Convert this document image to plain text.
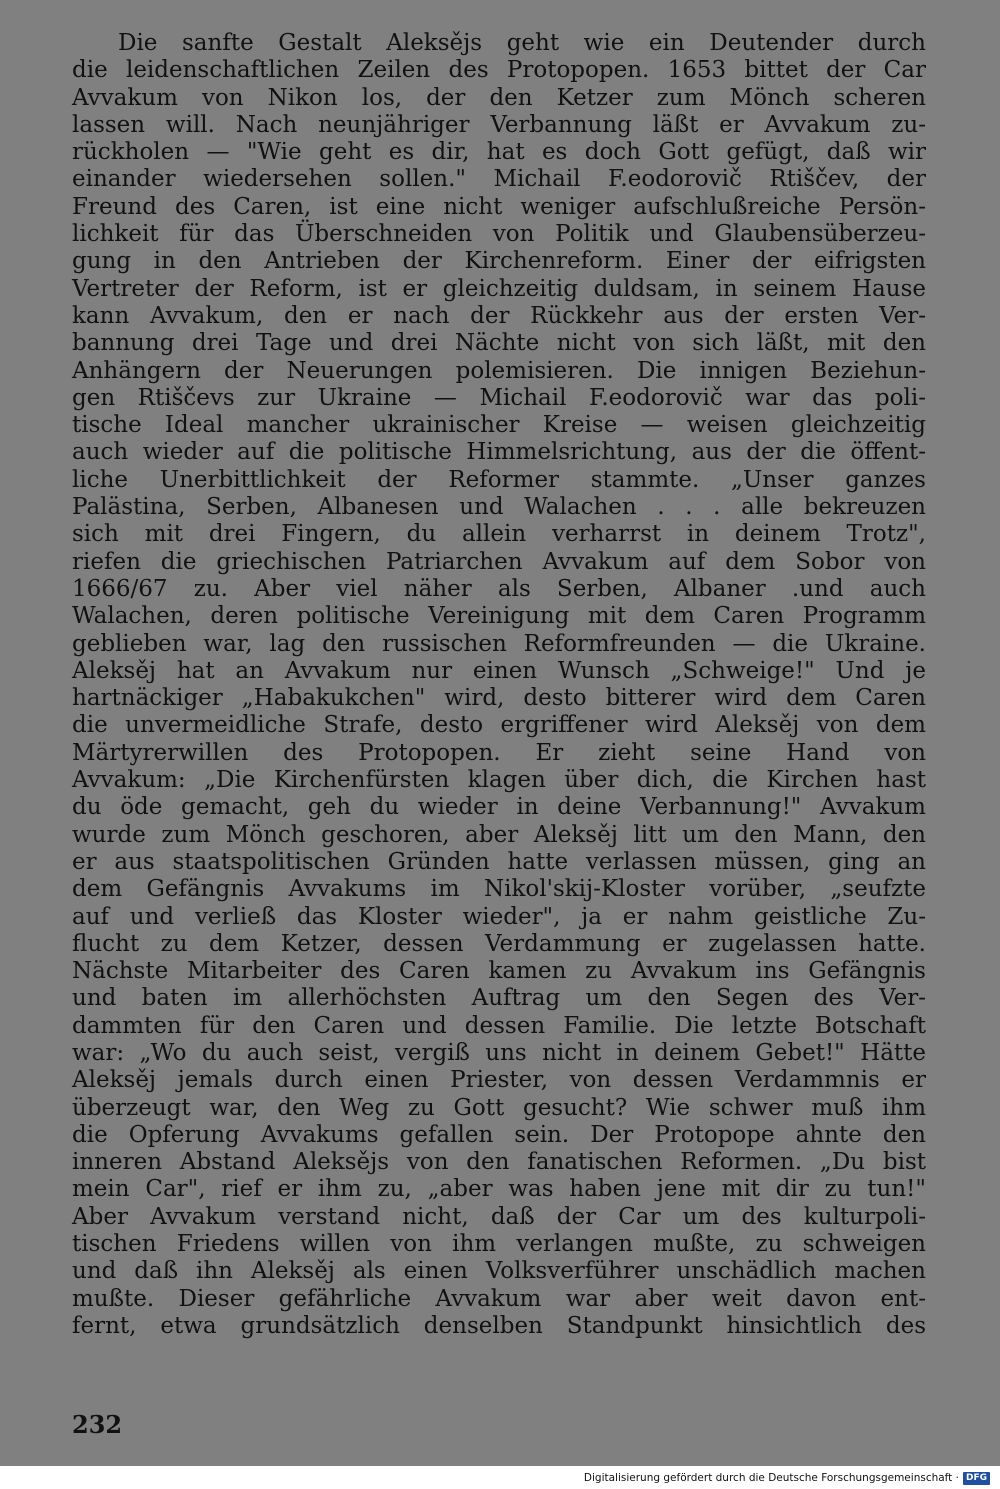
Die sanfte Gestalt Aleksějs geht wie ein Deutender durch
die leidenschaftlichen Zeilen des Protopopen. 1653 bittet der Car
Avvakum von Nikon los, der den Ketzer zum Mönch scheren
lassen will. Nach neunjähriger Verbannung läßt er Avvakum zu-
rückholen — "Wie geht es dir, hat es doch Gott gefügt, daß wir
einander wiedersehen sollen." Michail F.eodorovič Rtiščev, der
Freund des Caren, ist eine nicht weniger aufschlußreiche Persön-
lichkeit für das Überschneiden von Politik und Glaubensüberzeu-
gung in den Antrieben der Kirchenreform. Einer der eifrigsten
Vertreter der Reform, ist er gleichzeitig duldsam, in seinem Hause
kann Avvakum, den er nach der Rückkehr aus der ersten Ver-
bannung drei Tage und drei Nächte nicht von sich läßt, mit den
Anhängern der Neuerungen polemisieren. Die innigen Beziehun-
gen Rtiščevs zur Ukraine — Michail F.eodorovič war das poli-
tische Ideal mancher ukrainischer Kreise — weisen gleichzeitig
auch wieder auf die politische Himmelsrichtung, aus der die öffent-
liche Unerbittlichkeit der Reformer stammte. „Unser ganzes
Palästina, Serben, Albanesen und Walachen . . . alle bekreuzen
sich mit drei Fingern, du allein verharrst in deinem Trotz",
riefen die griechischen Patriarchen Avvakum auf dem Sobor von
1666/67 zu. Aber viel näher als Serben, Albaner .und auch
Walachen, deren politische Vereinigung mit dem Caren Programm
geblieben war, lag den russischen Reformfreunden — die Ukraine.
Aleksěj hat an Avvakum nur einen Wunsch „Schweige!" Und je
hartnäckiger „Habakukchen" wird, desto bitterer wird dem Caren
die unvermeidliche Strafe, desto ergriffener wird Aleksěj von dem
Märtyrerwillen des Protopopen. Er zieht seine Hand von
Avvakum: „Die Kirchenfürsten klagen über dich, die Kirchen hast
du öde gemacht, geh du wieder in deine Verbannung!" Avvakum
wurde zum Mönch geschoren, aber Aleksěj litt um den Mann, den
er aus staatspolitischen Gründen hatte verlassen müssen, ging an
dem Gefängnis Avvakums im Nikol'skij-Kloster vorüber, „seufzte
auf und verließ das Kloster wieder", ja er nahm geistliche Zu-
flucht zu dem Ketzer, dessen Verdammung er zugelassen hatte.
Nächste Mitarbeiter des Caren kamen zu Avvakum ins Gefängnis
und baten im allerhöchsten Auftrag um den Segen des Ver-
dammten für den Caren und dessen Familie. Die letzte Botschaft
war: „Wo du auch seist, vergiß uns nicht in deinem Gebet!" Hätte
Aleksěj jemals durch einen Priester, von dessen Verdammnis er
überzeugt war, den Weg zu Gott gesucht? Wie schwer muß ihm
die Opferung Avvakums gefallen sein. Der Protopope ahnte den
inneren Abstand Aleksějs von den fanatischen Reformen. „Du bist
mein Car", rief er ihm zu, „aber was haben jene mit dir zu tun!"
Aber Avvakum verstand nicht, daß der Car um des kulturpoli-
tischen Friedens willen von ihm verlangen mußte, zu schweigen
und daß ihn Aleksěj als einen Volksverführer unschädlich machen
mußte. Dieser gefährliche Avvakum war aber weit davon ent-
fernt, etwa grundsätzlich denselben Standpunkt hinsichtlich des
232
Digitalisierung gefördert durch die Deutsche Forschungsgemeinschaft · DFG
